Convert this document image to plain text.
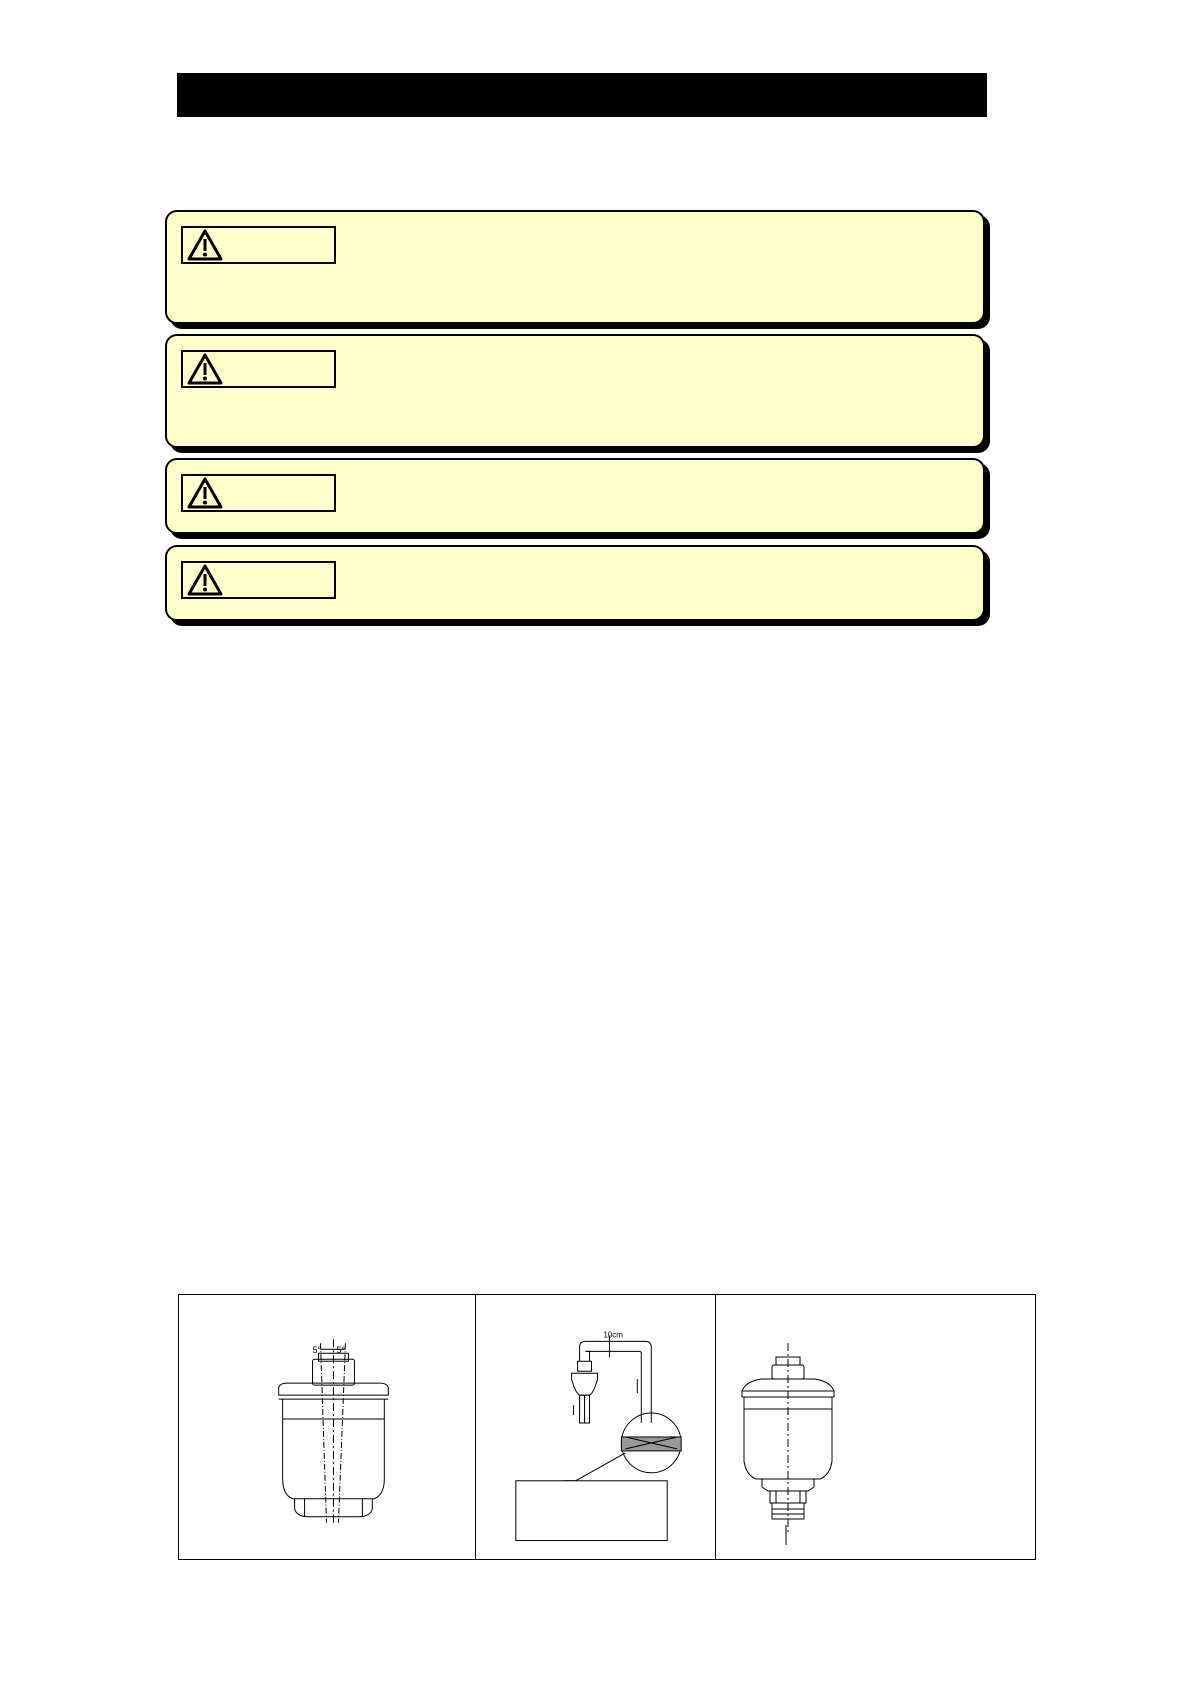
5° 5°
10cm
